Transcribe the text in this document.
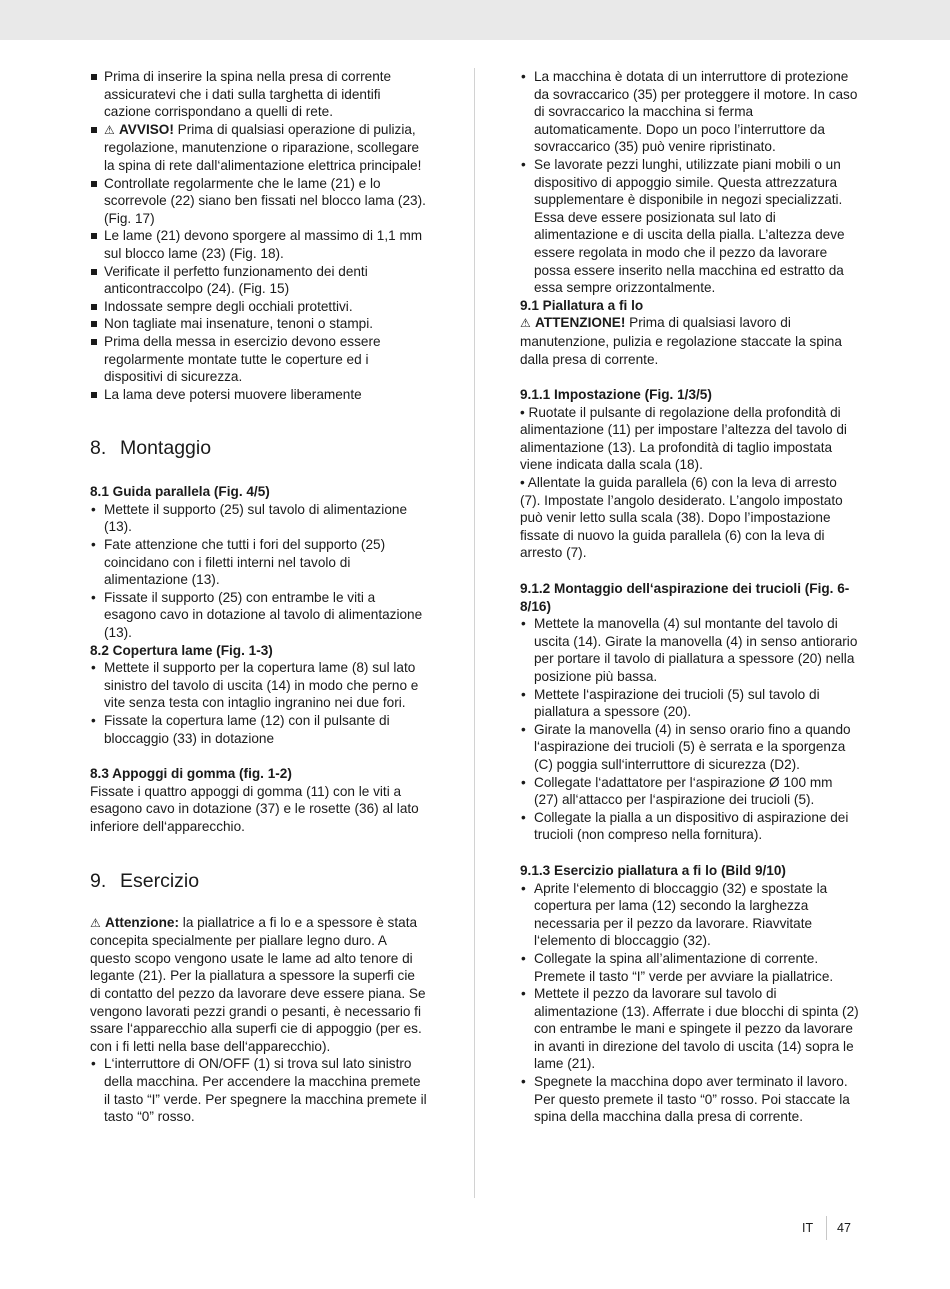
Prima di inserire la spina nella presa di corrente assicuratevi che i dati sulla targhetta di identifi cazione corrispondano a quelli di rete.
⚠ AVVISO! Prima di qualsiasi operazione di pulizia, regolazione, manutenzione o riparazione, scollegare la spina di rete dall‘alimentazione elettrica principale!
Controllate regolarmente che le lame (21) e lo scorrevole (22) siano ben fissati nel blocco lama (23). (Fig. 17)
Le lame (21) devono sporgere al massimo di 1,1 mm sul blocco lame (23) (Fig. 18).
Verificate il perfetto funzionamento dei denti anticontraccolpo (24). (Fig. 15)
Indossate sempre degli occhiali protettivi.
Non tagliate mai insenature, tenoni o stampi.
Prima della messa in esercizio devono essere regolarmente montate tutte le coperture ed i dispositivi di sicurezza.
La lama deve potersi muovere liberamente
8. Montaggio

8.1 Guida parallela (Fig. 4/5)

• Mettete il supporto (25) sul tavolo di alimentazione (13).
• Fate attenzione che tutti i fori del supporto (25) coincidano con i filetti interni nel tavolo di alimentazione (13).
• Fissate il supporto (25) con entrambe le viti a esagono cavo in dotazione al tavolo di alimentazione (13).

8.2 Copertura lame (Fig. 1-3)

• Mettete il supporto per la copertura lame (8) sul lato sinistro del tavolo di uscita (14) in modo che perno e vite senza testa con intaglio ingranino nei due fori.
• Fissate la copertura lame (12) con il pulsante di bloccaggio (33) in dotazione

8.3 Appoggi di gomma (fig. 1-2)

Fissate i quattro appoggi di gomma (11) con le viti a esagono cavo in dotazione (37) e le rosette (36) al lato inferiore dell‘apparecchio.

9. Esercizio

⚠ Attenzione: la piallatrice a fi lo e a spessore è stata concepita specialmente per piallare legno duro. A questo scopo vengono usate le lame ad alto tenore di legante (21). Per la piallatura a spessore la superfi cie di contatto del pezzo da lavorare deve essere piana. Se vengono lavorati pezzi grandi o pesanti, è necessario fi ssare l‘apparecchio alla superfi cie di appoggio (per es. con i fi letti nella base dell‘apparecchio).

• L‘interruttore di ON/OFF (1) si trova sul lato sinistro della macchina. Per accendere la macchina premete il tasto “I” verde. Per spegnere la macchina premete il tasto “0” rosso.
• La macchina è dotata di un interruttore di protezione da sovraccarico (35) per proteggere il motore. In caso di sovraccarico la macchina si ferma automaticamente. Dopo un poco l’interruttore da sovraccarico (35) può venire ripristinato.
• Se lavorate pezzi lunghi, utilizzate piani mobili o un dispositivo di appoggio simile. Questa attrezzatura supplementare è disponibile in negozi specializzati. Essa deve essere posizionata sul lato di alimentazione e di uscita della pialla. L’altezza deve essere regolata in modo che il pezzo da lavorare possa essere inserito nella macchina ed estratto da essa sempre orizzontalmente.

9.1 Piallatura a fi lo

⚠ ATTENZIONE! Prima di qualsiasi lavoro di manutenzione, pulizia e regolazione staccate la spina dalla presa di corrente.

9.1.1 Impostazione (Fig. 1/3/5)

• Ruotate il pulsante di regolazione della profondità di alimentazione (11) per impostare l’altezza del tavolo di alimentazione (13). La profondità di taglio impostata viene indicata dalla scala (18).

• Allentate la guida parallela (6) con la leva di arresto (7). Impostate l’angolo desiderato. L’angolo impostato può venir letto sulla scala (38). Dopo l’impostazione fissate di nuovo la guida parallela (6) con la leva di arresto (7).

9.1.2 Montaggio dell‘aspirazione dei trucioli (Fig. 6-8/16)

• Mettete la manovella (4) sul montante del tavolo di uscita (14). Girate la manovella (4) in senso antiorario per portare il tavolo di piallatura a spessore (20) nella posizione più bassa.
• Mettete l‘aspirazione dei trucioli (5) sul tavolo di piallatura a spessore (20).
• Girate la manovella (4) in senso orario fino a quando l‘aspirazione dei trucioli (5) è serrata e la sporgenza (C) poggia sull‘interruttore di sicurezza (D2).
• Collegate l‘adattatore per l‘aspirazione Ø 100 mm (27) all‘attacco per l‘aspirazione dei trucioli (5).
• Collegate la pialla a un dispositivo di aspirazione dei trucioli (non compreso nella fornitura).

9.1.3 Esercizio piallatura a fi lo (Bild 9/10)

• Aprite l‘elemento di bloccaggio (32) e spostate la copertura per lama (12) secondo la larghezza necessaria per il pezzo da lavorare. Riavvitate l‘elemento di bloccaggio (32).
• Collegate la spina all’alimentazione di corrente. Premete il tasto “I” verde per avviare la piallatrice.
• Mettete il pezzo da lavorare sul tavolo di alimentazione (13). Afferrate i due blocchi di spinta (2) con entrambe le mani e spingete il pezzo da lavorare in avanti in direzione del tavolo di uscita (14) sopra le lame (21).
• Spegnete la macchina dopo aver terminato il lavoro. Per questo premete il tasto “0” rosso. Poi staccate la spina della macchina dalla presa di corrente.
IT 47
